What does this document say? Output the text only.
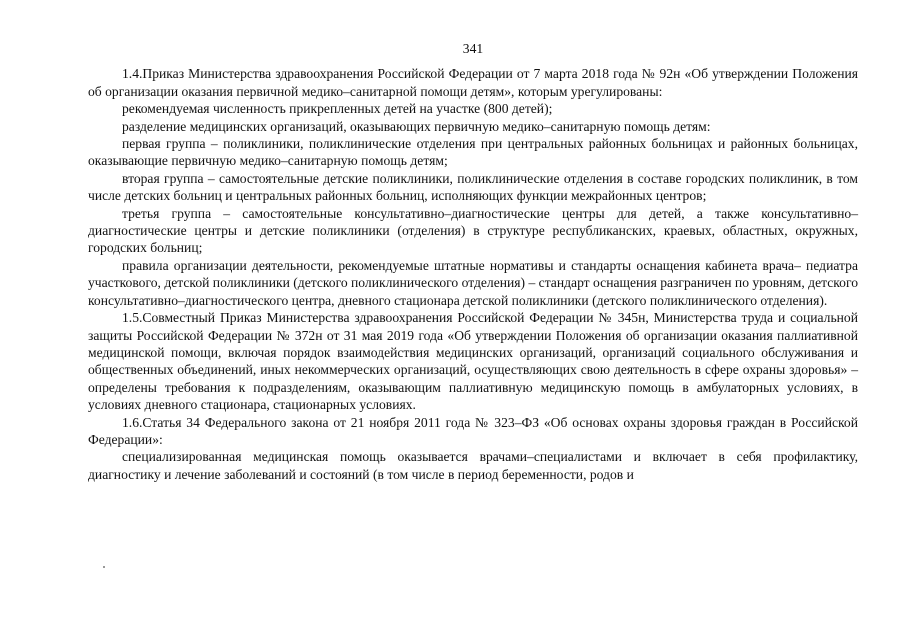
341

1.4.Приказ Министерства здравоохранения Российской Федерации от 7 марта 2018 года № 92н «Об утверждении Положения об организации оказания первичной медико–санитарной помощи детям», которым урегулированы:

рекомендуемая численность прикрепленных детей на участке (800 детей);

разделение медицинских организаций, оказывающих первичную медико–санитарную помощь детям:

первая группа – поликлиники, поликлинические отделения при центральных районных больницах и районных больницах, оказывающие первичную медико–санитарную помощь детям;

вторая группа – самостоятельные детские поликлиники, поликлинические отделения в составе городских поликлиник, в том числе детских больниц и центральных районных больниц, исполняющих функции межрайонных центров;

третья группа – самостоятельные консультативно–диагностические центры для детей, а также консультативно–диагностические центры и детские поликлиники (отделения) в структуре республиканских, краевых, областных, окружных, городских больниц;

правила организации деятельности, рекомендуемые штатные нормативы и стандарты оснащения кабинета врача– педиатра участкового, детской поликлиники (детского поликлинического отделения) – стандарт оснащения разграничен по уровням, детского консультативно–диагностического центра, дневного стационара детской поликлиники (детского поликлинического отделения).

1.5.Совместный Приказ Министерства здравоохранения Российской Федерации № 345н, Министерства труда и социальной защиты Российской Федерации № 372н от 31 мая 2019 года «Об утверждении Положения об организации оказания паллиативной медицинской помощи, включая порядок взаимодействия медицинских организаций, организаций социального обслуживания и общественных объединений, иных некоммерческих организаций, осуществляющих свою деятельность в сфере охраны здоровья» – определены требования к подразделениям, оказывающим паллиативную медицинскую помощь в амбулаторных условиях, в условиях дневного стационара, стационарных условиях.

1.6.Статья 34 Федерального закона от 21 ноября 2011 года № 323–ФЗ «Об основах охраны здоровья граждан в Российской Федерации»:

специализированная медицинская помощь оказывается врачами–специалистами и включает в себя профилактику, диагностику и лечение заболеваний и состояний (в том числе в период беременности, родов и
